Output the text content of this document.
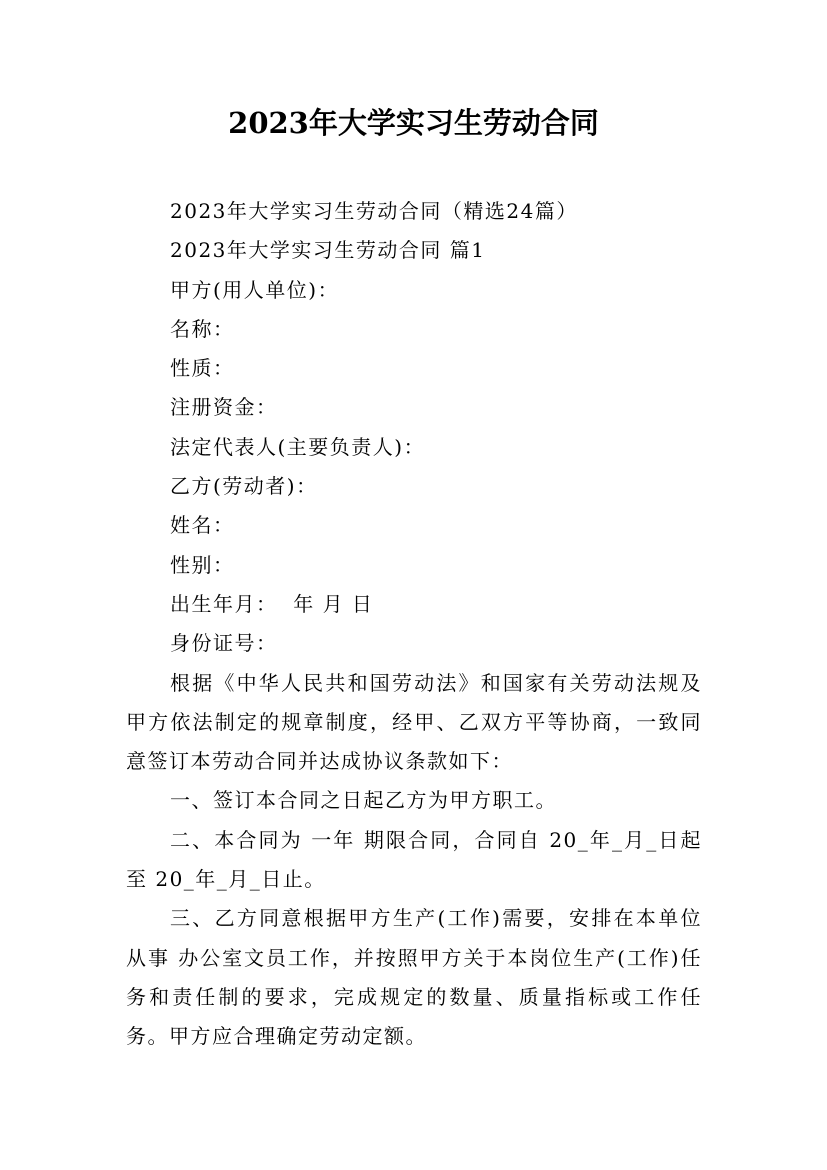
2023年大学实习生劳动合同

2023年大学实习生劳动合同（精选24篇）

2023年大学实习生劳动合同 篇1

甲方(用人单位)：

名称：

性质：

注册资金：

法定代表人(主要负责人)：

乙方(劳动者)：

姓名：

性别：

出生年月：  年 月 日

身份证号：

根据《中华人民共和国劳动法》和国家有关劳动法规及甲方依法制定的规章制度，经甲、乙双方平等协商，一致同意签订本劳动合同并达成协议条款如下：

一、签订本合同之日起乙方为甲方职工。

二、本合同为 一年 期限合同，合同自 20_年_月_日起至 20_年_月_日止。

三、乙方同意根据甲方生产(工作)需要，安排在本单位从事 办公室文员工作，并按照甲方关于本岗位生产(工作)任务和责任制的要求，完成规定的数量、质量指标或工作任务。甲方应合理确定劳动定额。
